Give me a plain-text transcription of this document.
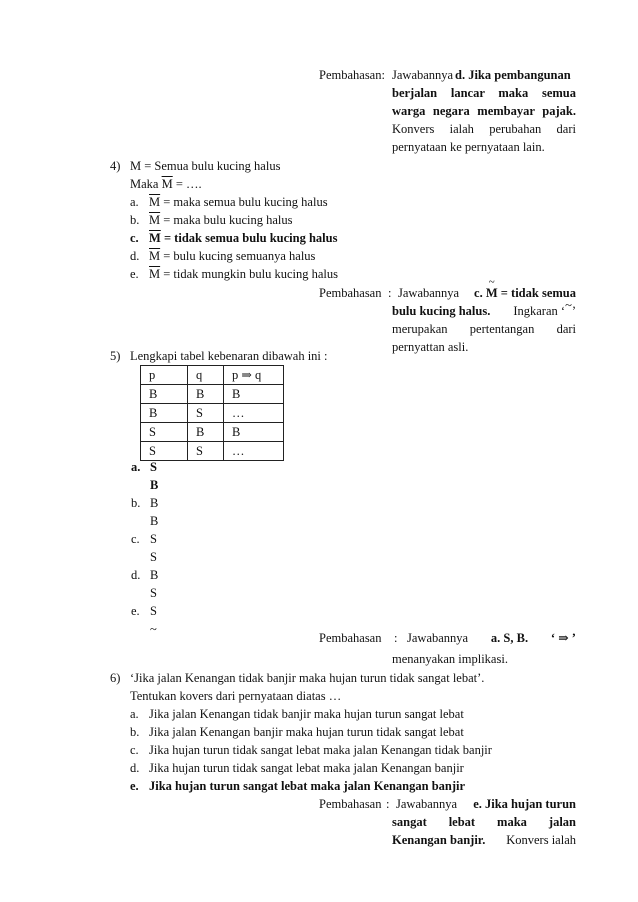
Pembahasan: Jawabannya d. Jika pembangunan
berjalan lancar maka semua
warga negara membayar pajak.
Konvers ialah perubahan dari
pernyataan ke pernyataan lain.
4) M = Semua bulu kucing halus
Maka $\overline{M}$ = ….
a. $\overline{M}$ = maka semua bulu kucing halus
b. $\overline{M}$ = maka bulu kucing halus
c. $\overline{M}$ = tidak semua bulu kucing halus
d. $\overline{M}$ = bulu kucing semuanya halus
e. $\overline{M}$ = tidak mungkin bulu kucing halus
Pembahasan : Jawabannya c. ~ M = tidak semua
bulu kucing halus. Ingkaran ‘~’
merupakan pertentangan dari
pernyattan asli.
5) Lengkapi tabel kebenaran dibawah ini :
p	q	p ⇒ q
B	B	B
B	S	…
S	B	B
S	S	…
a. S
B
b. B
B
c. S
S
d. B
S
e. S
~
Pembahasan : Jawabannya a. S, B. ‘ ⇒ ’
menanyakan implikasi.
6) ‘Jika jalan Kenangan tidak banjir maka hujan turun tidak sangat lebat’.
Tentukan kovers dari pernyataan diatas …
a. Jika jalan Kenangan tidak banjir maka hujan turun sangat lebat
b. Jika jalan Kenangan banjir maka hujan turun tidak sangat lebat
c. Jika hujan turun tidak sangat lebat maka jalan Kenangan tidak banjir
d. Jika hujan turun tidak sangat lebat maka jalan Kenangan banjir
e. Jika hujan turun sangat lebat maka jalan Kenangan banjir
Pembahasan : Jawabannya e. Jika hujan turun
sangat lebat maka jalan
Kenangan banjir. Konvers ialah
